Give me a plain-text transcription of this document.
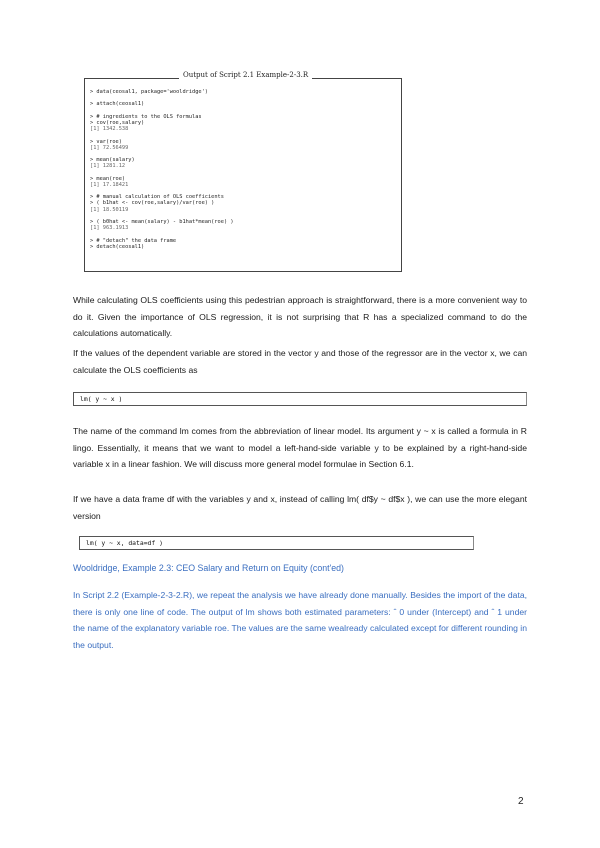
Output of Script 2.1 Example-2-3.R
> data(ceosal1, package='wooldridge')
> attach(ceosal1)
> # ingredients to the OLS formulas
> cov(roe,salary)
[1] 1342.538
> var(roe)
[1] 72.56499
> mean(salary)
[1] 1281.12
> mean(roe)
[1] 17.18421
> # manual calculation of OLS coefficients
> ( b1hat <- cov(roe,salary)/var(roe) )
[1] 18.50119
> ( b0hat <- mean(salary) - b1hat*mean(roe) )
[1] 963.1913
> # "detach" the data frame
> detach(ceosal1)
While calculating OLS coefficients using this pedestrian approach is straightforward, there is a more convenient way to do it. Given the importance of OLS regression, it is not surprising that R has a specialized command to do the calculations automatically.
If the values of the dependent variable are stored in the vector y and those of the regressor are in the vector x, we can calculate the OLS coefficients as
lm( y ~ x )
The name of the command lm comes from the abbreviation of linear model. Its argument y ~ x is called a formula in R lingo. Essentially, it means that we want to model a left-hand-side variable y to be explained by a right-hand-side variable x in a linear fashion. We will discuss more general model formulae in Section 6.1.
If we have a data frame df with the variables y and x, instead of calling lm( df$y ~ df$x ), we can use the more elegant version
lm( y ~ x, data=df )
Wooldridge, Example 2.3: CEO Salary and Return on Equity (cont'ed)
In Script 2.2 (Example-2-3-2.R), we repeat the analysis we have already done manually. Besides the import of the data, there is only one line of code. The output of lm shows both estimated parameters: ˆ 0 under (Intercept) and ˆ 1 under the name of the explanatory variable roe. The values are the same wealready calculated except for different rounding in the output.
2
